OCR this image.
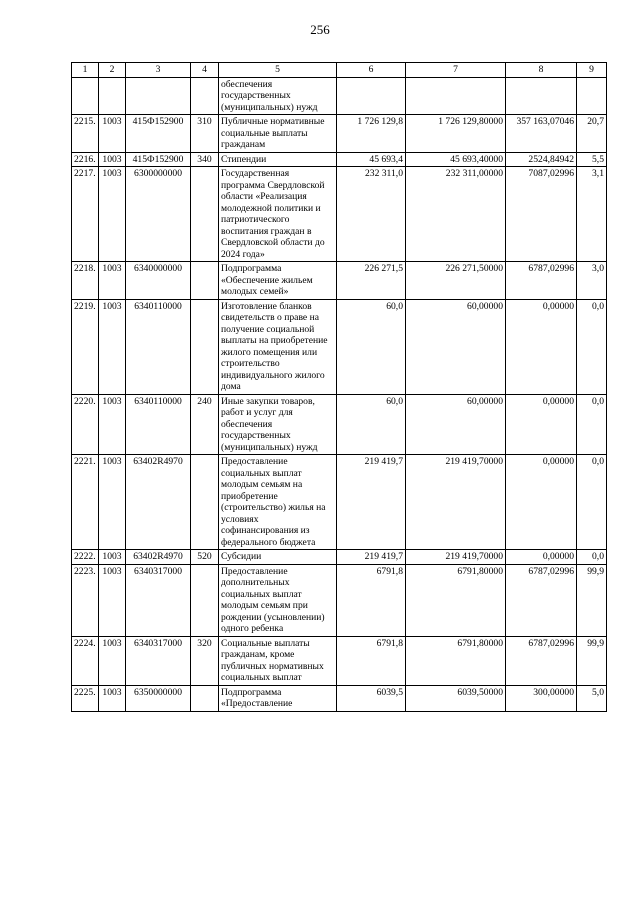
256
1	2	3	4	5	6	7	8	9
				обеспечения государственных (муниципальных) нужд				
2215.	1003	415Ф152900	310	Публичные нормативные социальные выплаты гражданам	1 726 129,8	1 726 129,80000	357 163,07046	20,7
2216.	1003	415Ф152900	340	Стипендии	45 693,4	45 693,40000	2524,84942	5,5
2217.	1003	6300000000		Государственная программа Свердловской области «Реализация молодежной политики и патриотического воспитания граждан в Свердловской области до 2024 года»	232 311,0	232 311,00000	7087,02996	3,1
2218.	1003	6340000000		Подпрограмма «Обеспечение жильем молодых семей»	226 271,5	226 271,50000	6787,02996	3,0
2219.	1003	6340110000		Изготовление бланков свидетельств о праве на получение социальной выплаты на приобретение жилого помещения или строительство индивидуального жилого дома	60,0	60,00000	0,00000	0,0
2220.	1003	6340110000	240	Иные закупки товаров, работ и услуг для обеспечения государственных (муниципальных) нужд	60,0	60,00000	0,00000	0,0
2221.	1003	63402R4970		Предоставление социальных выплат молодым семьям на приобретение (строительство) жилья на условиях софинансирования из федерального бюджета	219 419,7	219 419,70000	0,00000	0,0
2222.	1003	63402R4970	520	Субсидии	219 419,7	219 419,70000	0,00000	0,0
2223.	1003	6340317000		Предоставление дополнительных социальных выплат молодым семьям при рождении (усыновлении) одного ребенка	6791,8	6791,80000	6787,02996	99,9
2224.	1003	6340317000	320	Социальные выплаты гражданам, кроме публичных нормативных социальных выплат	6791,8	6791,80000	6787,02996	99,9
2225.	1003	6350000000		Подпрограмма «Предоставление	6039,5	6039,50000	300,00000	5,0
